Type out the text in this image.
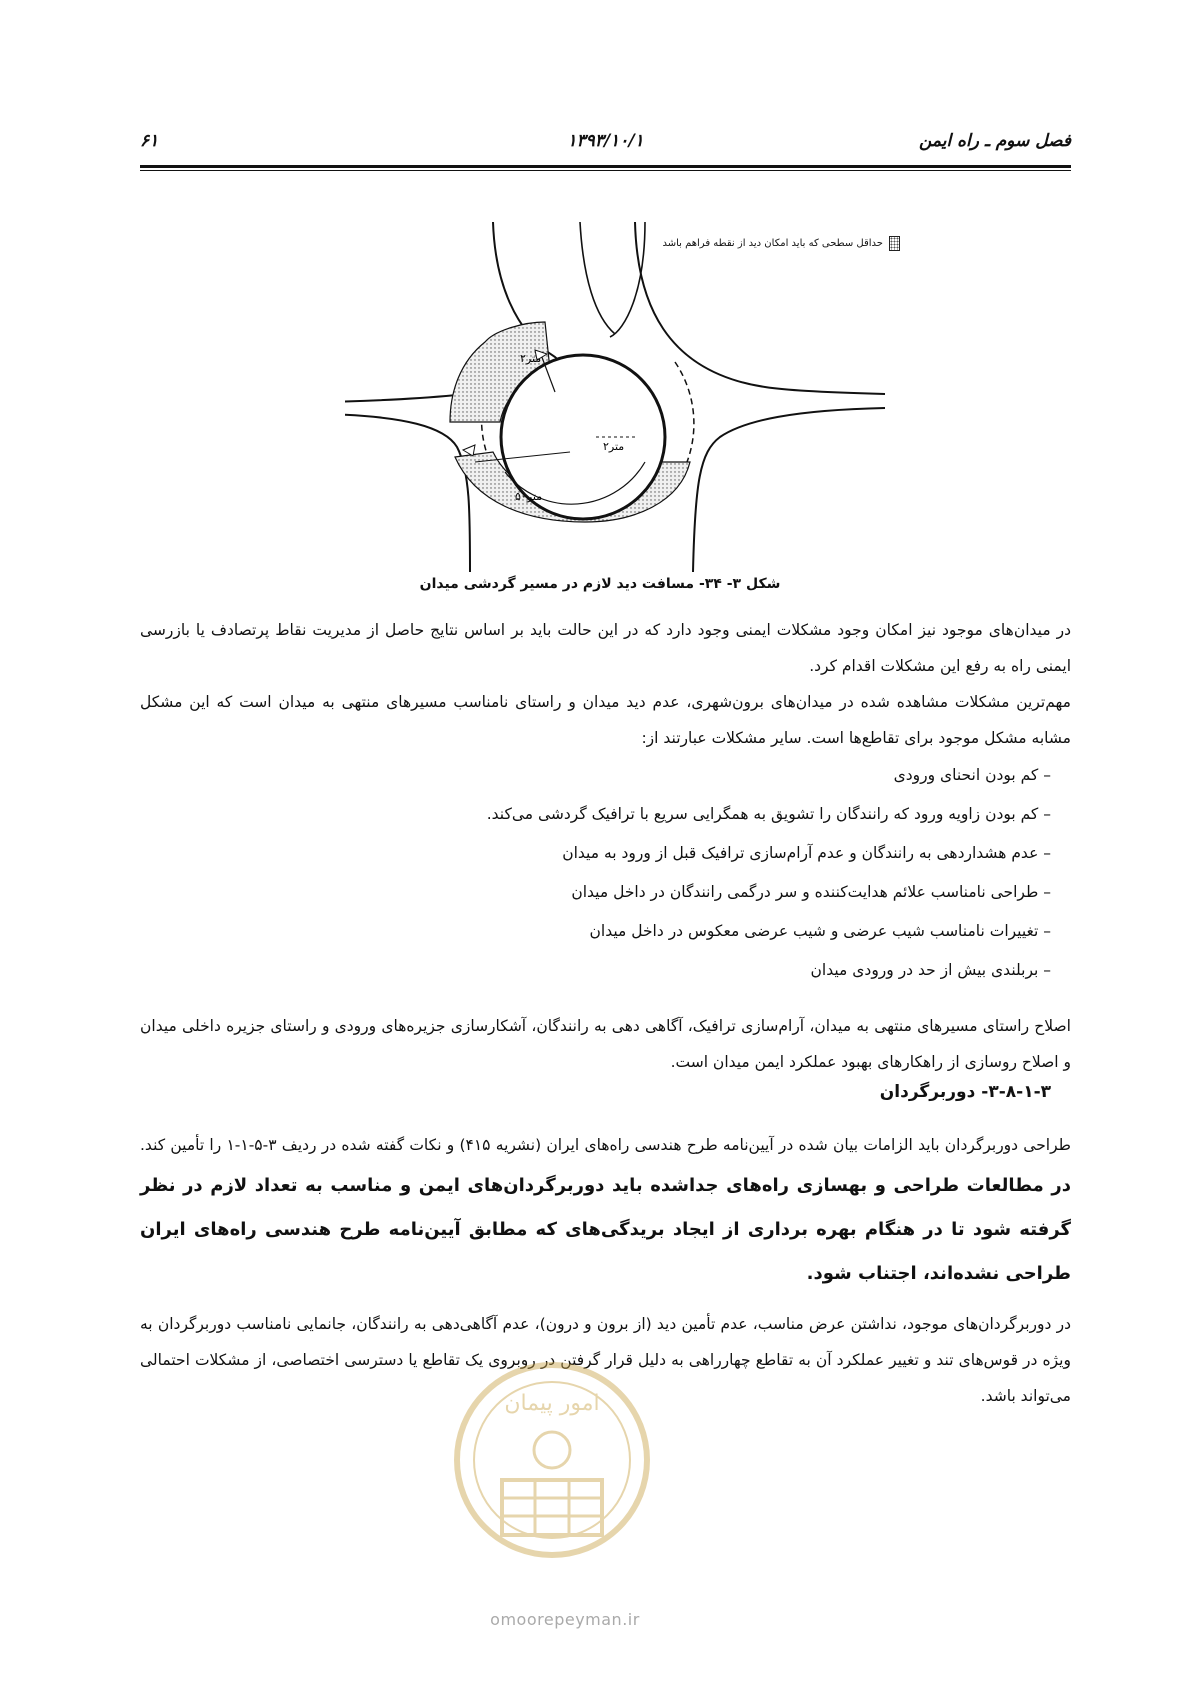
فصل سوم ـ راه ایمن
۱۳۹۳/۱۰/۱
۶۱
حداقل سطحی که باید امکان دید از نقطه فراهم باشد
۲متر
۲متر
۵۰متر
شکل ۳- ۳۴- مسافت دید لازم در مسیر گردشی میدان
در میدان‌های موجود نیز امکان وجود مشکلات ایمنی وجود دارد که در این حالت باید بر اساس نتایج حاصل از مدیریت نقاط پرتصادف یا بازرسی ایمنی راه به رفع این مشکلات اقدام کرد.
مهم‌ترین مشکلات مشاهده شده در میدان‌های برون‌شهری، عدم دید میدان و راستای نامناسب مسیرهای منتهی به میدان است که این مشکل مشابه مشکل موجود برای تقاطع‌ها است. سایر مشکلات عبارتند از:
– کم بودن انحنای ورودی
– کم بودن زاویه ورود که رانندگان را تشویق به همگرایی سریع با ترافیک گردشی می‌کند.
– عدم هشداردهی به رانندگان و عدم آرام‌سازی ترافیک قبل از ورود به میدان
– طراحی نامناسب علائم هدایت‌کننده و سر درگمی رانندگان در داخل میدان
– تغییرات نامناسب شیب عرضی و شیب عرضی معکوس در داخل میدان
– بربلندی بیش از حد در ورودی میدان
اصلاح راستای مسیرهای منتهی به میدان، آرام‌سازی ترافیک، آگاهی دهی به رانندگان، آشکارسازی جزیره‌های ورودی و راستای جزیره داخلی میدان و اصلاح روسازی از راهکارهای بهبود عملکرد ایمن میدان است.
۳-۸-۱-۳- دوربرگردان
طراحی دوربرگردان باید الزامات بیان شده در آیین‌نامه طرح هندسی راه‌های ایران (نشریه ۴۱۵) و نکات گفته شده در ردیف ۳-۵-۱-۱ را تأمین کند. در مطالعات طراحی و بهسازی راه‌های جداشده باید دوربرگردان‌های ایمن و مناسب به تعداد لازم در نظر گرفته شود تا در هنگام بهره برداری از ایجاد بریدگی‌های که مطابق آیین‌نامه طرح هندسی راه‌های ایران طراحی نشده‌اند، اجتناب شود.
در دوربرگردان‌های موجود، نداشتن عرض مناسب، عدم تأمین دید (از برون و درون)، عدم آگاهی‌دهی به رانندگان، جانمایی نامناسب دوربرگردان به ویژه در قوس‌های تند و تغییر عملکرد آن به تقاطع چهارراهی به دلیل قرار گرفتن در روبروی یک تقاطع یا دسترسی اختصاصی، از مشکلات احتمالی می‌تواند باشد.
امور پیمان
omoorepeyman.ir
